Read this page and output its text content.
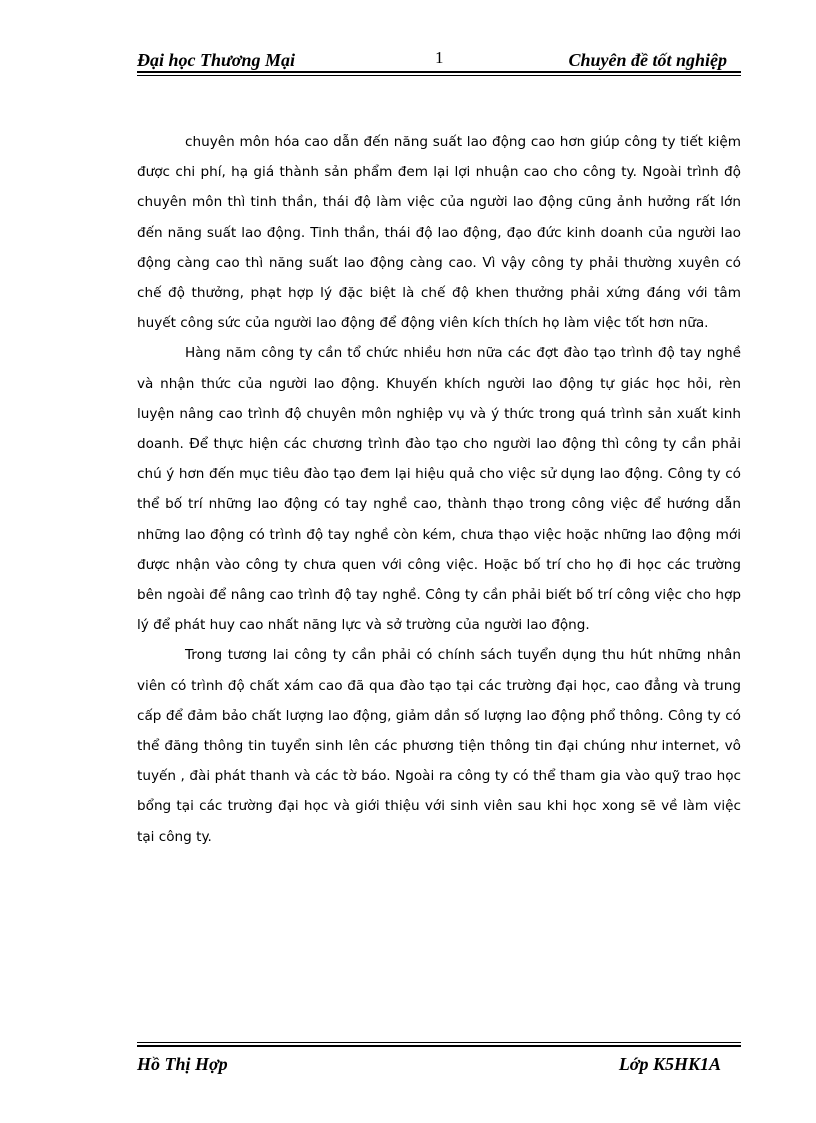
Đại học Thương Mại	1	Chuyên đề tốt nghiệp

chuyên môn hóa cao dẫn đến năng suất lao động cao hơn giúp công ty tiết kiệm được chi phí, hạ giá thành sản phẩm đem lại lợi nhuận cao cho công ty. Ngoài trình độ chuyên môn thì tinh thần, thái độ làm việc của người lao động cũng ảnh hưởng rất lớn đến năng suất lao động. Tinh thần, thái độ lao động, đạo đức kinh doanh của người lao động càng cao thì năng suất lao động càng cao. Vì vậy công ty phải thường xuyên có chế độ thưởng, phạt hợp lý đặc biệt là chế độ khen thưởng phải xứng đáng với tâm huyết công sức của người lao động để động viên kích thích họ làm việc tốt hơn nữa.

Hàng năm công ty cần tổ chức nhiều hơn nữa các đợt đào tạo trình độ tay nghề và nhận thức của người lao động. Khuyến khích người lao động tự giác học hỏi, rèn luyện nâng cao trình độ chuyên môn nghiệp vụ và ý thức trong quá trình sản xuất kinh doanh. Để thực hiện các chương trình đào tạo cho người lao động thì công ty cần phải chú ý hơn đến mục tiêu đào tạo đem lại hiệu quả cho việc sử dụng lao động. Công ty có thể bố trí những lao động có tay nghề cao, thành thạo trong công việc để hướng dẫn những lao động có trình độ tay nghề còn kém, chưa thạo việc hoặc những lao động mới được nhận vào công ty chưa quen với công việc. Hoặc bố trí cho họ đi học các trường bên ngoài để nâng cao trình độ tay nghề. Công ty cần phải biết bố trí công việc cho hợp lý để phát huy cao nhất năng lực và sở trường của người lao động.

Trong tương lai công ty cần phải có chính sách tuyển dụng thu hút những nhân viên có trình độ chất xám cao đã qua đào tạo tại các trường đại học, cao đẳng và trung cấp để đảm bảo chất lượng lao động, giảm dần số lượng lao động phổ thông. Công ty có thể đăng thông tin tuyển sinh lên các phương tiện thông tin đại chúng như internet, vô tuyến , đài phát thanh và các tờ báo. Ngoài ra công ty có thể tham gia vào quỹ trao học bổng tại các trường đại học và giới thiệu với sinh viên sau khi học xong sẽ về làm việc tại công ty.

Hồ Thị Hợp	Lớp K5HK1A
